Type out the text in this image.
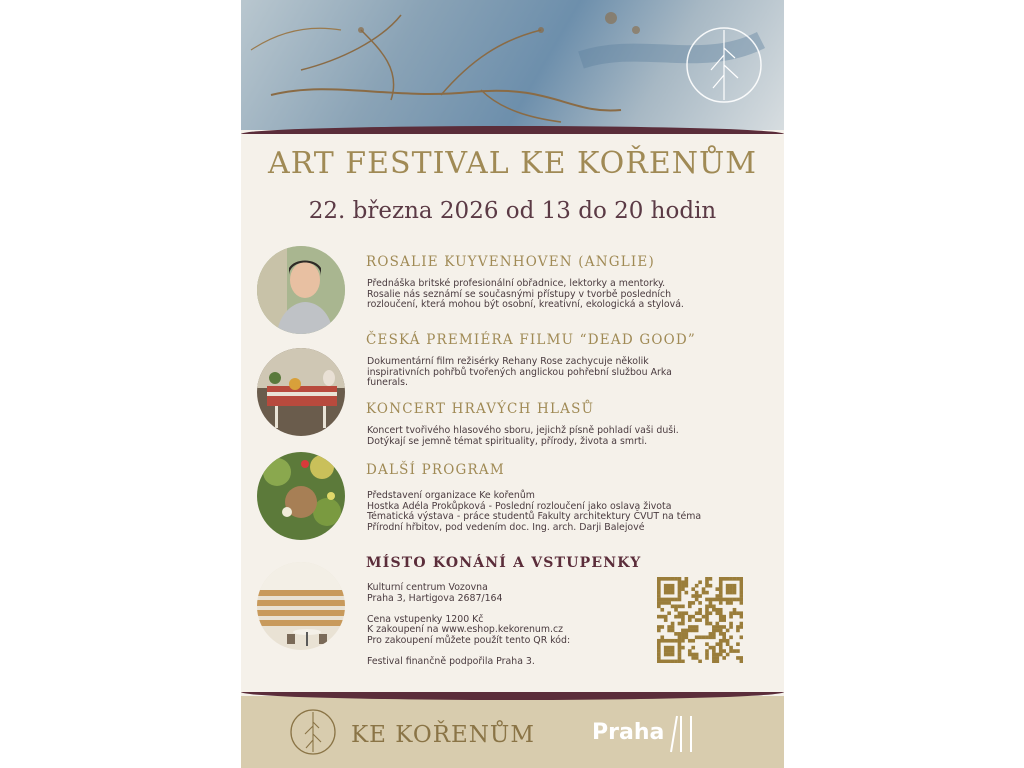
ART FESTIVAL KE KOŘENŮM
22. března 2026 od 13 do 20 hodin
ROSALIE KUYVENHOVEN (ANGLIE)
Přednáška britské profesionální obřadnice, lektorky a mentorky.
Rosalie nás seznámí se současnými přístupy v tvorbě posledních
rozloučení, která mohou být osobní, kreativní, ekologická a stylová.
ČESKÁ PREMIÉRA FILMU “DEAD GOOD”
Dokumentární film režisérky Rehany Rose zachycuje několik
inspirativních pohřbů tvořených anglickou pohřební službou Arka
funerals.
KONCERT HRAVÝCH HLASŮ
Koncert tvořivého hlasového sboru, jejichž písně pohladí vaši duši.
Dotýkají se jemně témat spirituality, přírody, života a smrti.
DALŠÍ PROGRAM
Představení organizace Ke kořenům
Hostka Adéla Prokůpková - Poslední rozloučení jako oslava života
Tématická výstava - práce studentů Fakulty architektury ČVUT na téma
Přírodní hřbitov, pod vedením doc. Ing. arch. Darji Balejové
MÍSTO KONÁNÍ A VSTUPENKY
Kulturní centrum Vozovna
Praha 3, Hartigova 2687/164
Cena vstupenky 1200 Kč
K zakoupení na www.eshop.kekorenum.cz
Pro zakoupení můžete použít tento QR kód:
Festival finančně podpořila Praha 3.
KE KOŘENŮM	Praha
